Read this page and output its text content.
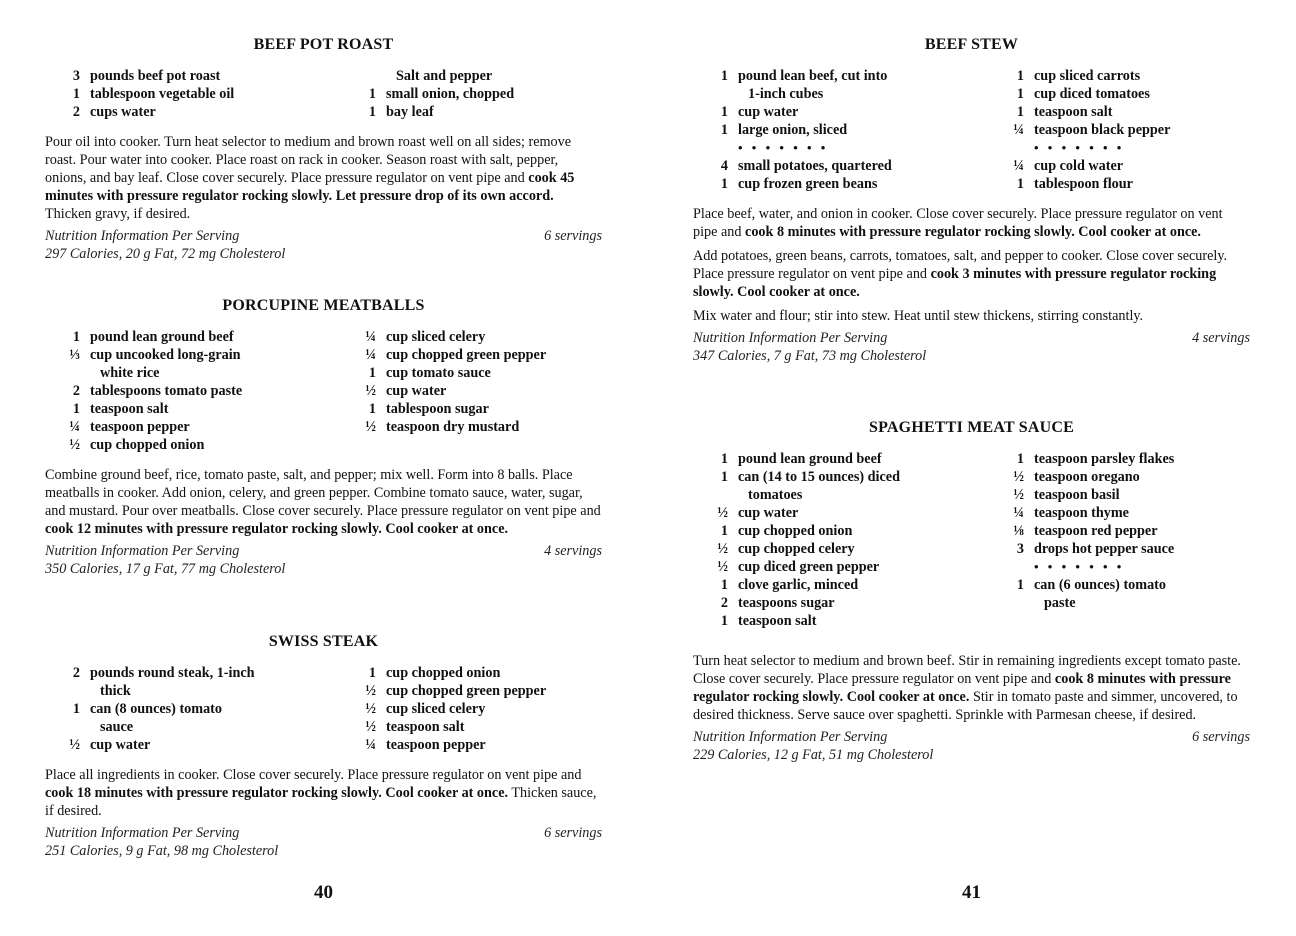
BEEF POT ROAST
3 pounds beef pot roast
1 tablespoon vegetable oil
2 cups water
Salt and pepper
1 small onion, chopped
1 bay leaf

Pour oil into cooker. Turn heat selector to medium and brown roast well on all sides; remove roast. Pour water into cooker. Place roast on rack in cooker. Season roast with salt, pepper, onions, and bay leaf. Close cover securely. Place pressure regulator on vent pipe and cook 45 minutes with pressure regulator rocking slowly. Let pressure drop of its own accord. Thicken gravy, if desired.

Nutrition Information Per Serving	6 servings
297 Calories, 20 g Fat, 72 mg Cholesterol
PORCUPINE MEATBALLS
1 pound lean ground beef
⅓ cup uncooked long-grain
white rice
2 tablespoons tomato paste
1 teaspoon salt
¼ teaspoon pepper
½ cup chopped onion
¼ cup sliced celery
¼ cup chopped green pepper
1 cup tomato sauce
½ cup water
1 tablespoon sugar
½ teaspoon dry mustard

Combine ground beef, rice, tomato paste, salt, and pepper; mix well. Form into 8 balls. Place meatballs in cooker. Add onion, celery, and green pepper. Combine tomato sauce, water, sugar, and mustard. Pour over meatballs. Close cover securely. Place pressure regulator on vent pipe and cook 12 minutes with pressure regulator rocking slowly. Cool cooker at once.

Nutrition Information Per Serving	4 servings
350 Calories, 17 g Fat, 77 mg Cholesterol
SWISS STEAK
2 pounds round steak, 1-inch
thick
1 can (8 ounces) tomato
sauce
½ cup water
1 cup chopped onion
½ cup chopped green pepper
½ cup sliced celery
½ teaspoon salt
¼ teaspoon pepper

Place all ingredients in cooker. Close cover securely. Place pressure regulator on vent pipe and cook 18 minutes with pressure regulator rocking slowly. Cool cooker at once. Thicken sauce, if desired.

Nutrition Information Per Serving	6 servings
251 Calories, 9 g Fat, 98 mg Cholesterol
40
BEEF STEW
1 pound lean beef, cut into
1-inch cubes
1 cup water
1 large onion, sliced
• • • • • • •
4 small potatoes, quartered
1 cup frozen green beans
1 cup sliced carrots
1 cup diced tomatoes
1 teaspoon salt
¼ teaspoon black pepper
• • • • • • •
¼ cup cold water
1 tablespoon flour

Place beef, water, and onion in cooker. Close cover securely. Place pressure regulator on vent pipe and cook 8 minutes with pressure regulator rocking slowly. Cool cooker at once.

Add potatoes, green beans, carrots, tomatoes, salt, and pepper to cooker. Close cover securely. Place pressure regulator on vent pipe and cook 3 minutes with pressure regulator rocking slowly. Cool cooker at once.

Mix water and flour; stir into stew. Heat until stew thickens, stirring constantly.

Nutrition Information Per Serving	4 servings
347 Calories, 7 g Fat, 73 mg Cholesterol
SPAGHETTI MEAT SAUCE
1 pound lean ground beef
1 can (14 to 15 ounces) diced
tomatoes
½ cup water
1 cup chopped onion
½ cup chopped celery
½ cup diced green pepper
1 clove garlic, minced
2 teaspoons sugar
1 teaspoon salt
1 teaspoon parsley flakes
½ teaspoon oregano
½ teaspoon basil
¼ teaspoon thyme
⅛ teaspoon red pepper
3 drops hot pepper sauce
• • • • • • •
1 can (6 ounces) tomato
paste

Turn heat selector to medium and brown beef. Stir in remaining ingredients except tomato paste. Close cover securely. Place pressure regulator on vent pipe and cook 8 minutes with pressure regulator rocking slowly. Cool cooker at once. Stir in tomato paste and simmer, uncovered, to desired thickness. Serve sauce over spaghetti. Sprinkle with Parmesan cheese, if desired.

Nutrition Information Per Serving	6 servings
229 Calories, 12 g Fat, 51 mg Cholesterol
41
